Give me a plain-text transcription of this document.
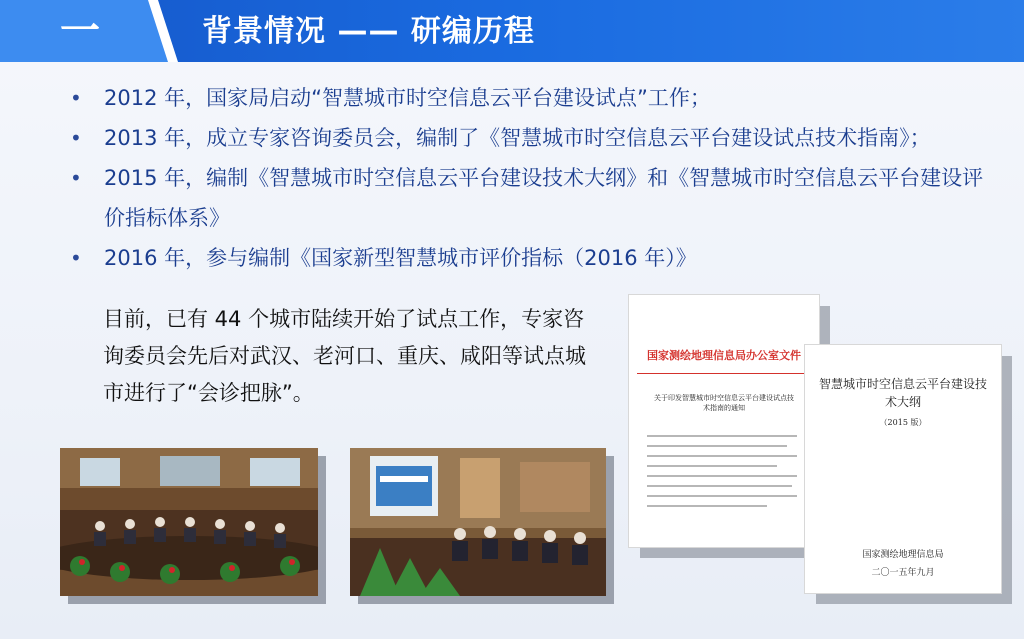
一	背景情况 —— 研编历程
• 2012 年，国家局启动“智慧城市时空信息云平台建设试点”工作；
• 2013 年，成立专家咨询委员会，编制了《智慧城市时空信息云平台建设试点技术指南》；
• 2015 年，编制《智慧城市时空信息云平台建设技术大纲》和《智慧城市时空信息云平台建设评价指标体系》
• 2016 年，参与编制《国家新型智慧城市评价指标（2016 年）》
目前，已有 44 个城市陆续开始了试点工作，专家咨询委员会先后对武汉、老河口、重庆、咸阳等试点城市进行了“会诊把脉”。
国家测绘地理信息局办公室文件
关于印发智慧城市时空信息云平台建设试点技术指南的通知
智慧城市时空信息云平台建设技术大纲
（2015 版）
国家测绘地理信息局
二〇一五年九月
